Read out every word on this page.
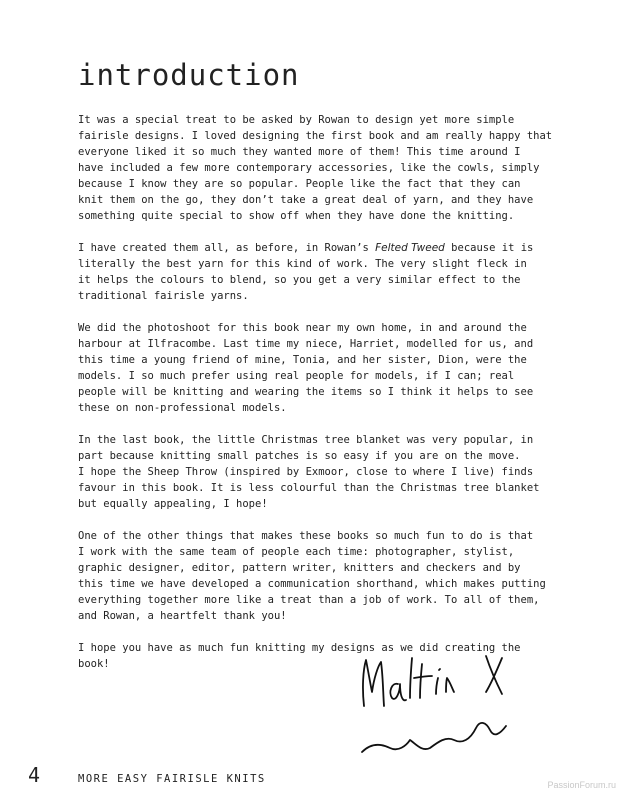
introduction

It was a special treat to be asked by Rowan to design yet more simple
fairisle designs. I loved designing the first book and am really happy that
everyone liked it so much they wanted more of them! This time around I
have included a few more contemporary accessories, like the cowls, simply
because I know they are so popular. People like the fact that they can
knit them on the go, they don’t take a great deal of yarn, and they have
something quite special to show off when they have done the knitting.

I have created them all, as before, in Rowan’s Felted Tweed because it is
literally the best yarn for this kind of work. The very slight fleck in
it helps the colours to blend, so you get a very similar effect to the
traditional fairisle yarns.

We did the photoshoot for this book near my own home, in and around the
harbour at Ilfracombe. Last time my niece, Harriet, modelled for us, and
this time a young friend of mine, Tonia, and her sister, Dion, were the
models. I so much prefer using real people for models, if I can; real
people will be knitting and wearing the items so I think it helps to see
these on non-professional models.

In the last book, the little Christmas tree blanket was very popular, in
part because knitting small patches is so easy if you are on the move.
I hope the Sheep Throw (inspired by Exmoor, close to where I live) finds
favour in this book. It is less colourful than the Christmas tree blanket
but equally appealing, I hope!

One of the other things that makes these books so much fun to do is that
I work with the same team of people each time: photographer, stylist,
graphic designer, editor, pattern writer, knitters and checkers and by
this time we have developed a communication shorthand, which makes putting
everything together more like a treat than a job of work. To all of them,
and Rowan, a heartfelt thank you!

I hope you have as much fun knitting my designs as we did creating the
book!

4	MORE EASY FAIRISLE KNITS	PassionForum.ru
